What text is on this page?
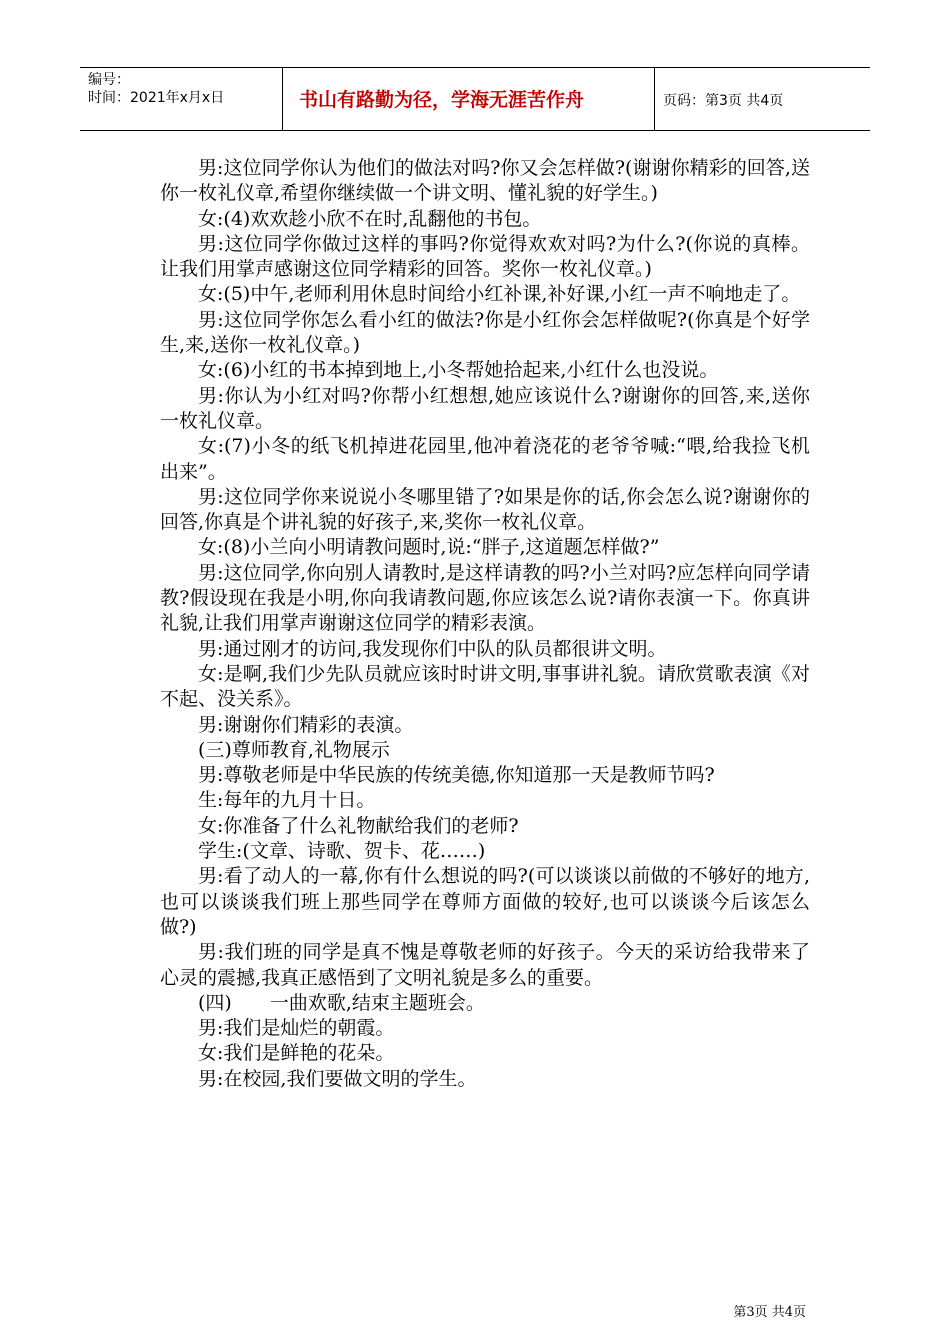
编号：
时间：2021年x月x日	书山有路勤为径，学海无涯苦作舟	页码：第3页 共4页

男:这位同学你认为他们的做法对吗?你又会怎样做?(谢谢你精彩的回答,送你一枚礼仪章,希望你继续做一个讲文明、懂礼貌的好学生。)

女:(4)欢欢趁小欣不在时,乱翻他的书包。

男:这位同学你做过这样的事吗?你觉得欢欢对吗?为什么?(你说的真棒。让我们用掌声感谢这位同学精彩的回答。奖你一枚礼仪章。)

女:(5)中午,老师利用休息时间给小红补课,补好课,小红一声不响地走了。

男:这位同学你怎么看小红的做法?你是小红你会怎样做呢?(你真是个好学生,来,送你一枚礼仪章。)

女:(6)小红的书本掉到地上,小冬帮她拾起来,小红什么也没说。

男:你认为小红对吗?你帮小红想想,她应该说什么?谢谢你的回答,来,送你一枚礼仪章。

女:(7)小冬的纸飞机掉进花园里,他冲着浇花的老爷爷喊:“喂,给我捡飞机出来”。

男:这位同学你来说说小冬哪里错了?如果是你的话,你会怎么说?谢谢你的回答,你真是个讲礼貌的好孩子,来,奖你一枚礼仪章。

女:(8)小兰向小明请教问题时,说:“胖子,这道题怎样做?”

男:这位同学,你向别人请教时,是这样请教的吗?小兰对吗?应怎样向同学请教?假设现在我是小明,你向我请教问题,你应该怎么说?请你表演一下。你真讲礼貌,让我们用掌声谢谢这位同学的精彩表演。

男:通过刚才的访问,我发现你们中队的队员都很讲文明。

女:是啊,我们少先队员就应该时时讲文明,事事讲礼貌。请欣赏歌表演《对不起、没关系》。

男:谢谢你们精彩的表演。

(三)尊师教育,礼物展示

男:尊敬老师是中华民族的传统美德,你知道那一天是教师节吗?

生:每年的九月十日。

女:你准备了什么礼物献给我们的老师?

学生:(文章、诗歌、贺卡、花……)

男:看了动人的一幕,你有什么想说的吗?(可以谈谈以前做的不够好的地方,也可以谈谈我们班上那些同学在尊师方面做的较好,也可以谈谈今后该怎么做?)

男:我们班的同学是真不愧是尊敬老师的好孩子。今天的采访给我带来了心灵的震撼,我真正感悟到了文明礼貌是多么的重要。

(四)　　一曲欢歌,结束主题班会。

男:我们是灿烂的朝霞。

女:我们是鲜艳的花朵。

男:在校园,我们要做文明的学生。

第3页 共4页
